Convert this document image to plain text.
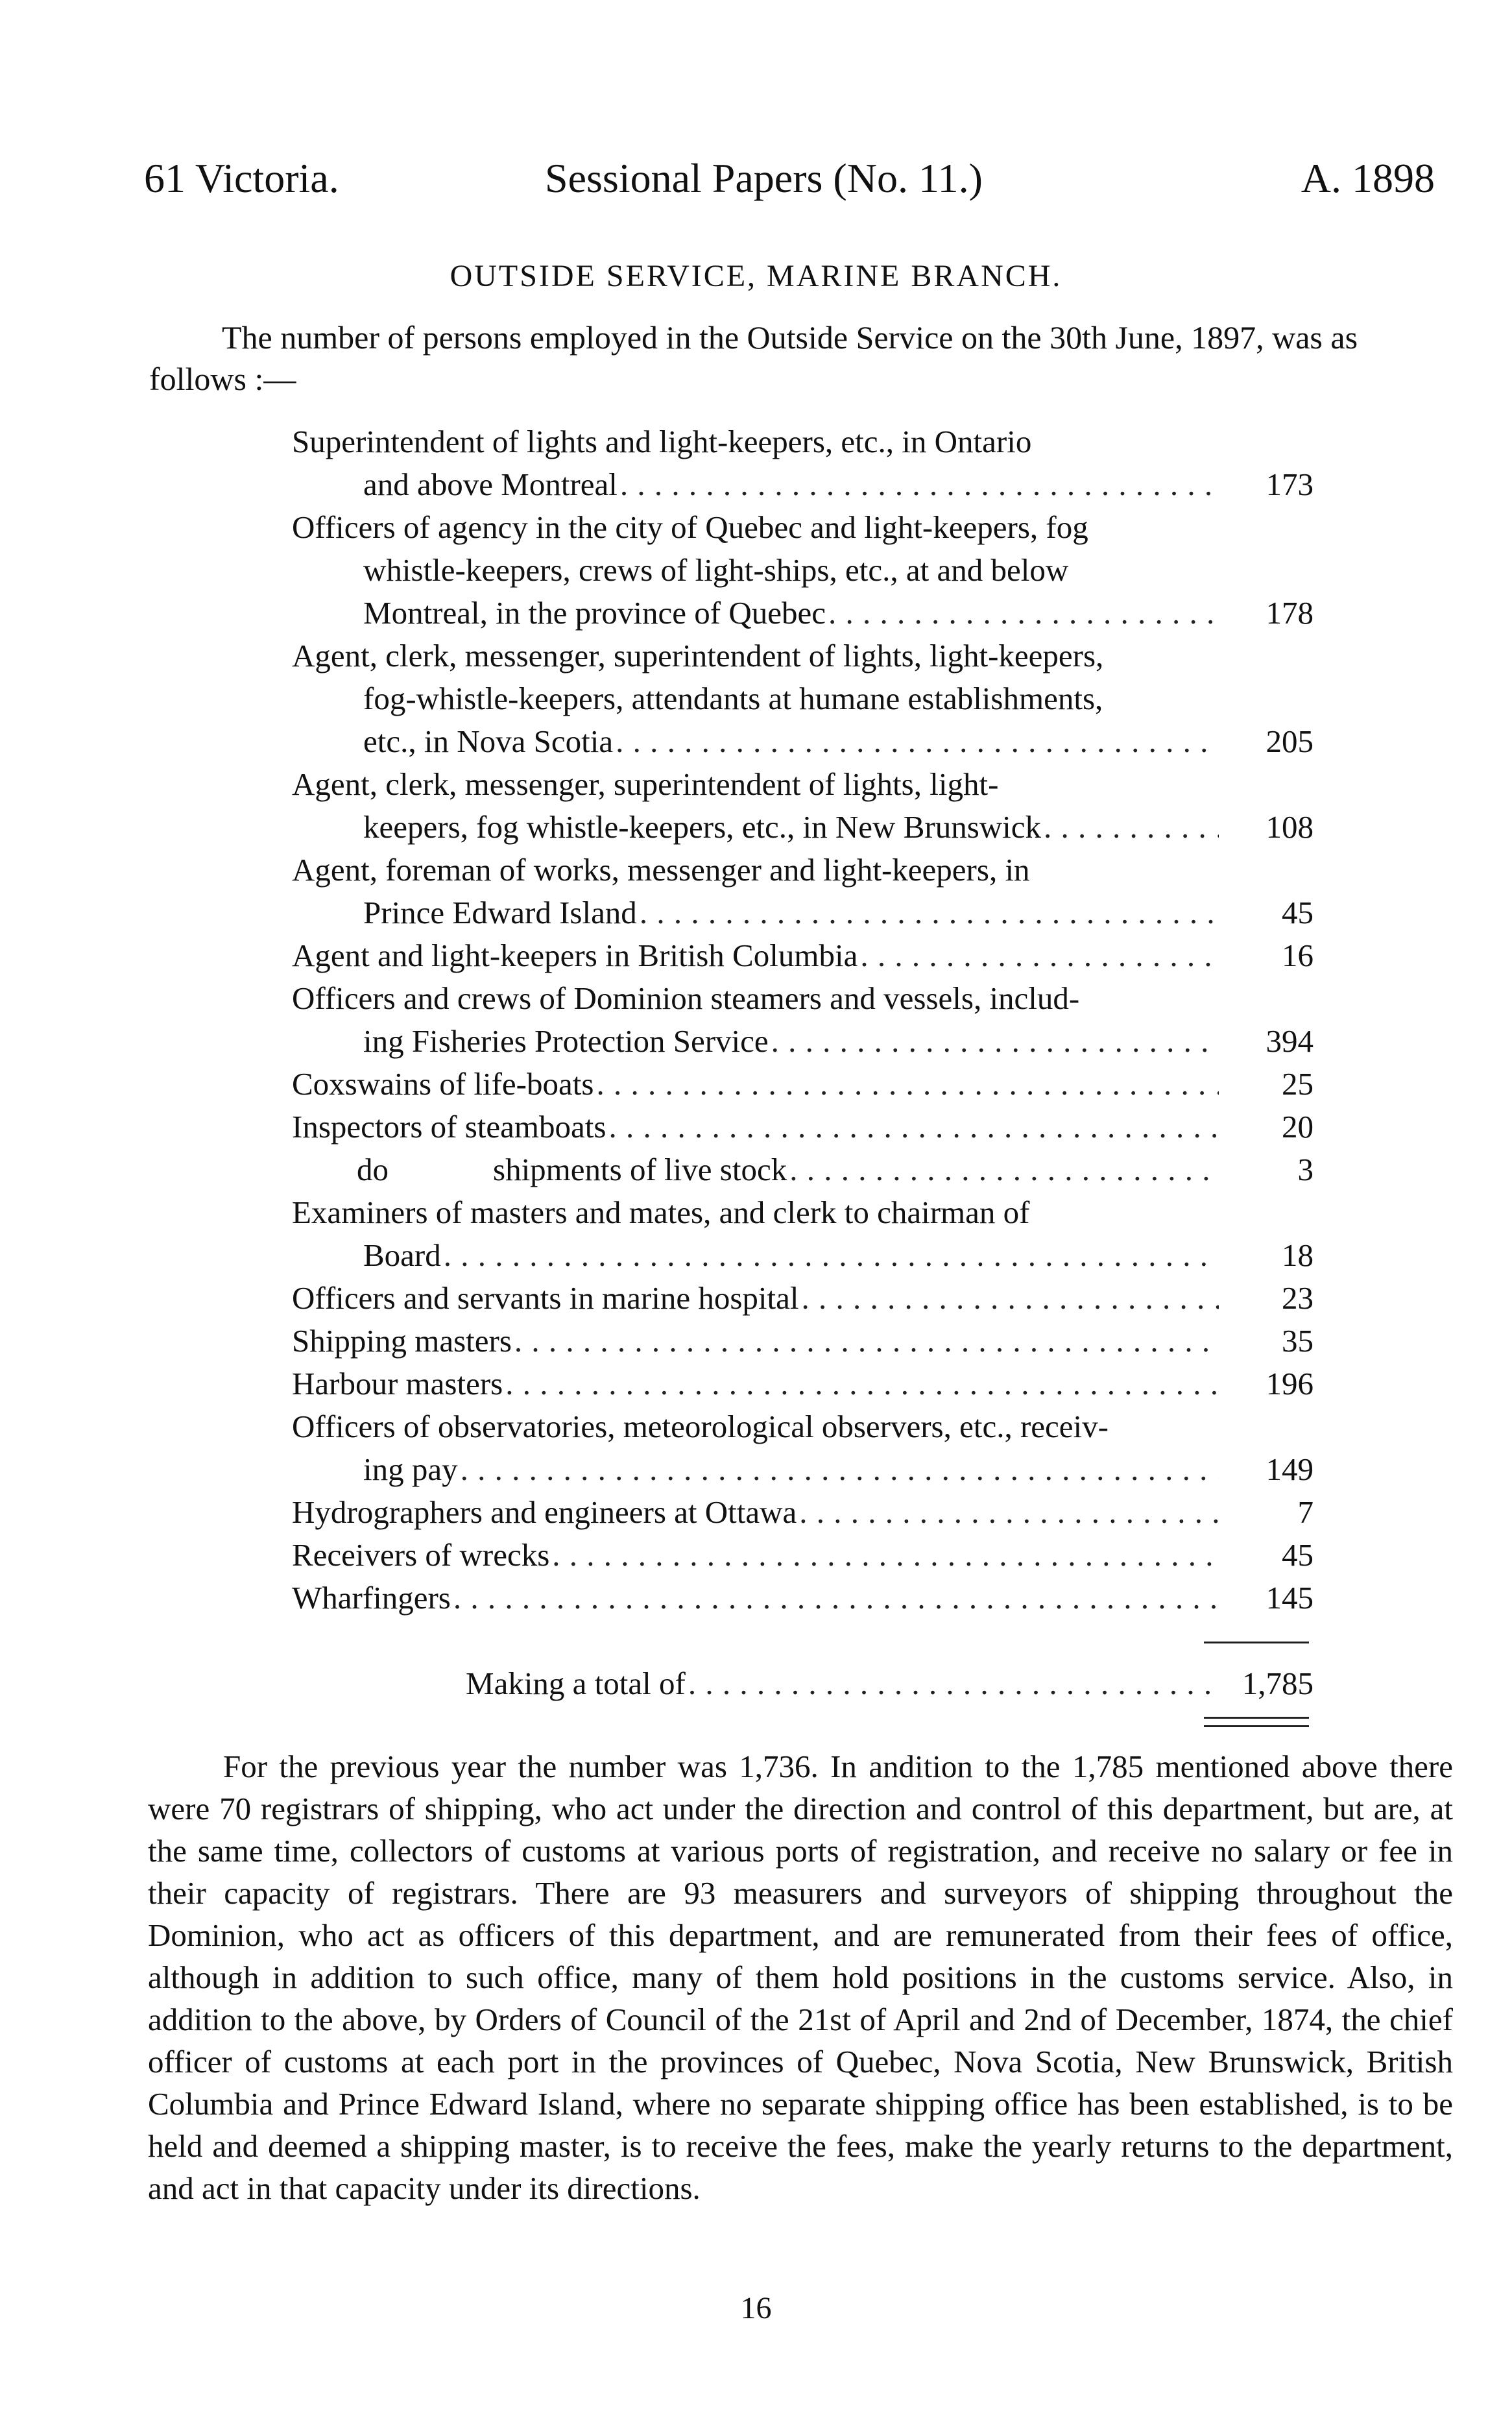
61 Victoria.	Sessional Papers (No. 11.)	A. 1898
OUTSIDE SERVICE, MARINE BRANCH.
The number of persons employed in the Outside Service on the 30th June, 1897, was as follows :—
Superintendent of lights and light-keepers, etc., in Ontario
and above Montreal . . .	173
Officers of agency in the city of Quebec and light-keepers, fog
whistle-keepers, crews of light-ships, etc., at and below
Montreal, in the province of Quebec . . .	178
Agent, clerk, messenger, superintendent of lights, light-keepers,
fog-whistle-keepers, attendants at humane establishments,
etc., in Nova Scotia . . .	205
Agent, clerk, messenger, superintendent of lights, light-
keepers, fog whistle-keepers, etc., in New Brunswick . . .	108
Agent, foreman of works, messenger and light-keepers, in
Prince Edward Island . . .	45
Agent and light-keepers in British Columbia . . .	16
Officers and crews of Dominion steamers and vessels, includ-
ing Fisheries Protection Service . . .	394
Coxswains of life-boats . . .	25
Inspectors of steamboats . . .	20
do	shipments of live stock . . .	3
Examiners of masters and mates, and clerk to chairman of
Board . . .	18
Officers and servants in marine hospital . . .	23
Shipping masters . . .	35
Harbour masters . . .	196
Officers of observatories, meteorological observers, etc., receiv-
ing pay . . .	149
Hydrographers and engineers at Ottawa . . .	7
Receivers of wrecks . . .	45
Wharfingers . . .	145
Making a total of . . .	1,785
For the previous year the number was 1,736. In andition to the 1,785 mentioned above there were 70 registrars of shipping, who act under the direction and control of this department, but are, at the same time, collectors of customs at various ports of registration, and receive no salary or fee in their capacity of registrars. There are 93 measurers and surveyors of shipping throughout the Dominion, who act as officers of this department, and are remunerated from their fees of office, although in addition to such office, many of them hold positions in the customs service. Also, in addition to the above, by Orders of Council of the 21st of April and 2nd of December, 1874, the chief officer of customs at each port in the provinces of Quebec, Nova Scotia, New Brunswick, British Columbia and Prince Edward Island, where no separate shipping office has been established, is to be held and deemed a shipping master, is to receive the fees, make the yearly returns to the department, and act in that capacity under its directions.
16
